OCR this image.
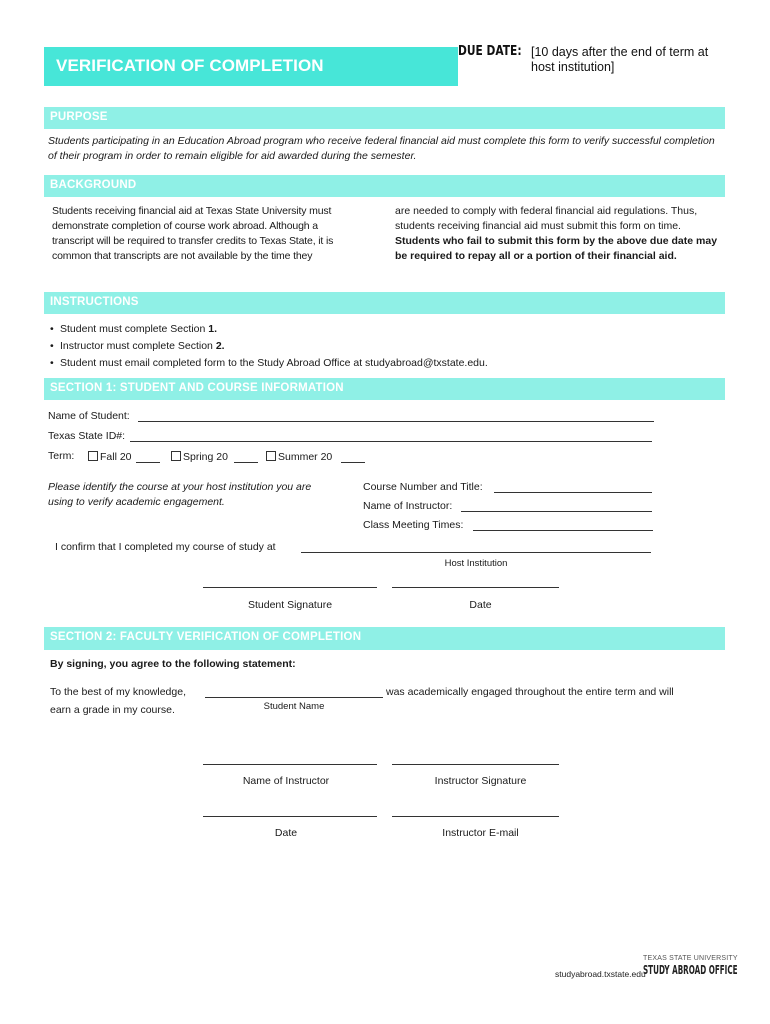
VERIFICATION OF COMPLETION
DUE DATE: [10 days after the end of term at host institution]
PURPOSE
Students participating in an Education Abroad program who receive federal financial aid must complete this form to verify successful completion of their program in order to remain eligible for aid awarded during the semester.
BACKGROUND
Students receiving financial aid at Texas State University must demonstrate completion of course work abroad. Although a transcript will be required to transfer credits to Texas State, it is common that transcripts are not available by the time they
are needed to comply with federal financial aid regulations. Thus, students receiving financial aid must submit this form on time. Students who fail to submit this form by the above due date may be required to repay all or a portion of their financial aid.
INSTRUCTIONS
• Student must complete Section 1.
• Instructor must complete Section 2.
• Student must email completed form to the Study Abroad Office at studyabroad@txstate.edu.
SECTION 1: STUDENT AND COURSE INFORMATION
Name of Student:
Texas State ID#:
Term:	Fall 20	Spring 20	Summer 20
Please identify the course at your host institution you are using to verify academic engagement.
Course Number and Title:
Name of Instructor:
Class Meeting Times:
I confirm that I completed my course of study at
Host Institution
Student Signature	Date
SECTION 2: FACULTY VERIFICATION OF COMPLETION
By signing, you agree to the following statement:
To the best of my knowledge,	was academically engaged throughout the entire term and will
earn a grade in my course.	Student Name
Name of Instructor	Instructor Signature
Date	Instructor E-mail
studyabroad.txstate.edu
TEXAS STATE UNIVERSITY
STUDY ABROAD OFFICE
